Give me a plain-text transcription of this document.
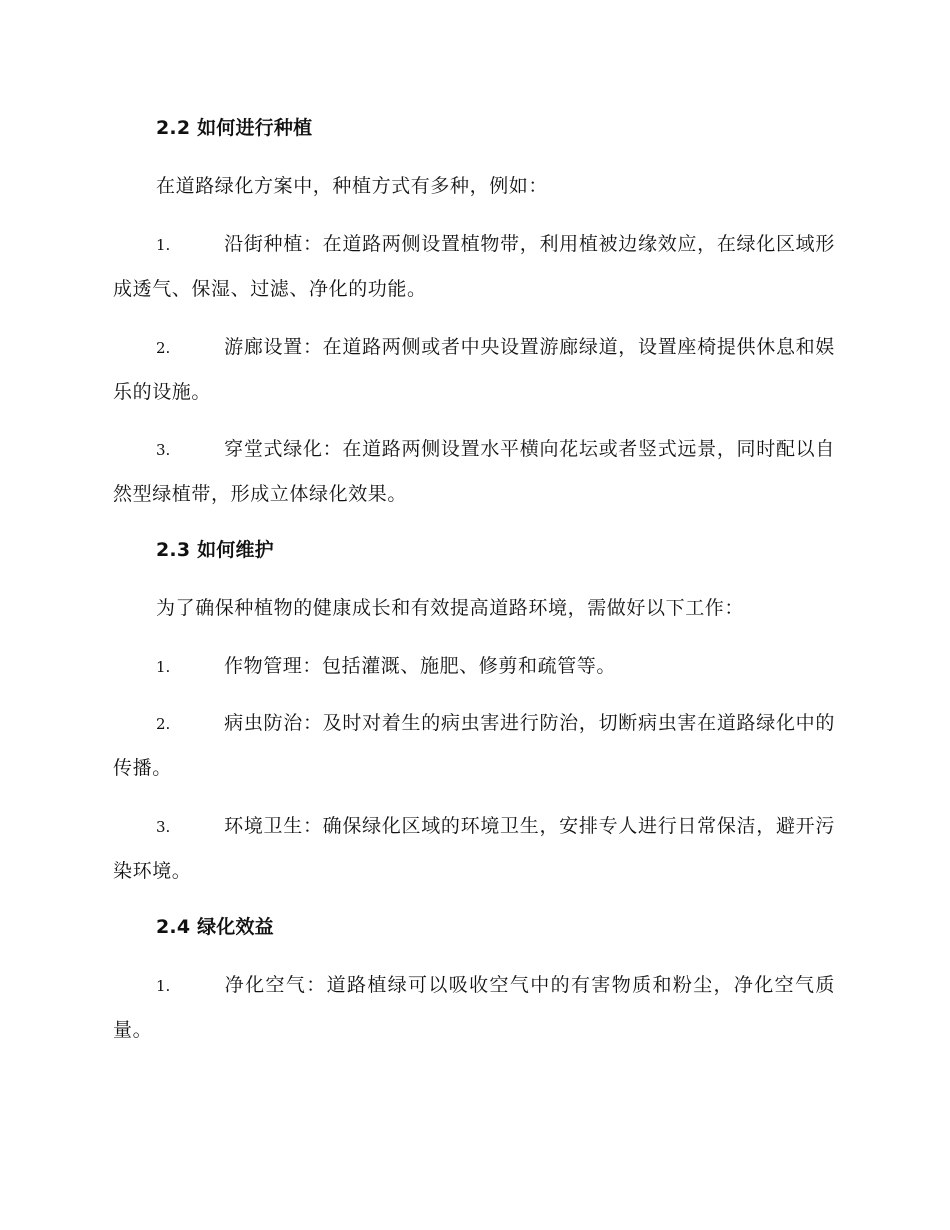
2.2 如何进行种植
在道路绿化方案中，种植方式有多种，例如：
1.	沿街种植：在道路两侧设置植物带，利用植被边缘效应，在绿化区域形成透气、保湿、过滤、净化的功能。
2.	游廊设置：在道路两侧或者中央设置游廊绿道，设置座椅提供休息和娱乐的设施。
3.	穿堂式绿化：在道路两侧设置水平横向花坛或者竖式远景，同时配以自然型绿植带，形成立体绿化效果。
2.3 如何维护
为了确保种植物的健康成长和有效提高道路环境，需做好以下工作：
1.	作物管理：包括灌溉、施肥、修剪和疏管等。
2.	病虫防治：及时对着生的病虫害进行防治，切断病虫害在道路绿化中的传播。
3.	环境卫生：确保绿化区域的环境卫生，安排专人进行日常保洁，避开污染环境。
2.4 绿化效益
1.	净化空气：道路植绿可以吸收空气中的有害物质和粉尘，净化空气质量。
